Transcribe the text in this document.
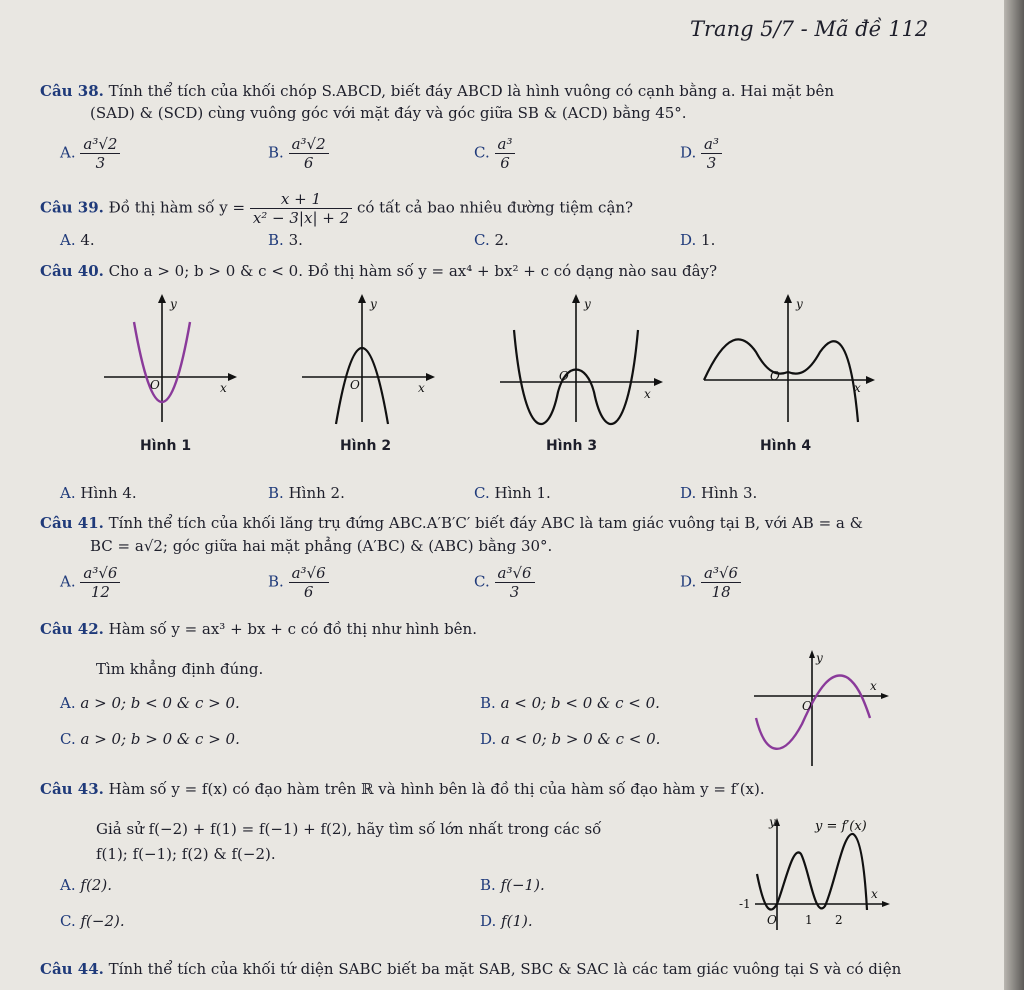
Trang 5/7 - Mã đề 112
Câu 38. Tính thể tích của khối chóp S.ABCD, biết đáy ABCD là hình vuông có cạnh bằng a. Hai mặt bên
(SAD) & (SCD) cùng vuông góc với mặt đáy và góc giữa SB & (ACD) bằng 45°.
A. $\frac{\text{a³√2}}{3}$	B. $\frac{\text{a³√2}}{6}$	C. $\frac{\text{a³}}{6}$	D. $\frac{\text{a³}}{3}$
Câu 39. Đồ thị hàm số $y = \frac{x + 1}{\text{x² − 3|x| + 2}}$ có tất cả bao nhiêu đường tiệm cận?
A. 4.	B. 3.	C. 2.	D. 1.
Câu 40. Cho a > 0; b > 0 & c < 0. Đồ thị hàm số y = ax⁴ + bx² + c có dạng nào sau đây?
y
x
O
Hình 1
y
x
O
Hình 2
y
x
O
Hình 3
y
x
O
Hình 4
A. Hình 4.	B. Hình 2.	C. Hình 1.	D. Hình 3.
Câu 41. Tính thể tích của khối lăng trụ đứng ABC.A′B′C′ biết đáy ABC là tam giác vuông tại B, với AB = a &
BC = a√2; góc giữa hai mặt phẳng (A′BC) & (ABC) bằng 30°.
A. $\frac{\text{a³√6}}{12}$	B. $\frac{\text{a³√6}}{6}$	C. $\frac{\text{a³√6}}{3}$	D. $\frac{\text{a³√6}}{18}$
Câu 42. Hàm số y = ax³ + bx + c có đồ thị như hình bên.
Tìm khẳng định đúng.
A. a > 0; b < 0 & c > 0.	B. a < 0; b < 0 & c < 0.
C. a > 0; b > 0 & c > 0.	D. a < 0; b > 0 & c < 0.
y
x
O
Câu 43. Hàm số y = f(x) có đạo hàm trên ℝ và hình bên là đồ thị của hàm số đạo hàm y = f′(x).
Giả sử f(−2) + f(1) = f(−1) + f(2), hãy tìm số lớn nhất trong các số
f(1); f(−1); f(2) & f(−2).
A. f(2).	B. f(−1).
C. f(−2).	D. f(1).
y	y = f′(x)
x
-1
O 1 2
Câu 44. Tính thể tích của khối tứ diện SABC biết ba mặt SAB, SBC & SAC là các tam giác vuông tại S và có diện
